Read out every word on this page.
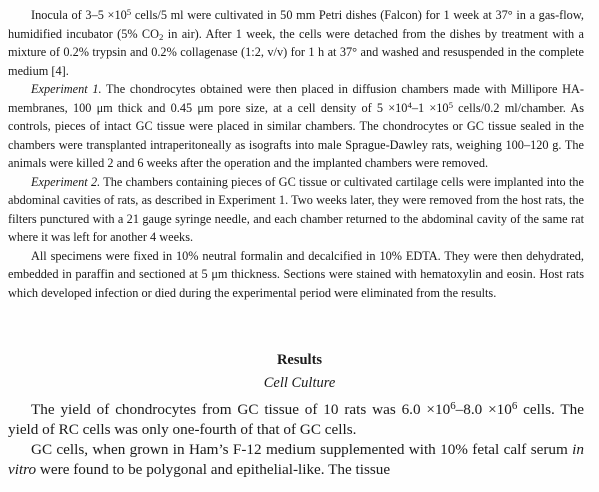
Inocula of $3-5 \times 10^5$ cells/5 ml were cultivated in 50 mm Petri dishes (Falcon) for 1 week at 37° in a gas-flow, humidified incubator (5% $CO_2$ in air). After 1 week, the cells were detached from the dishes by treatment with a mixture of 0.2% trypsin and 0.2% collagenase (1:2, v/v) for 1 h at 37° and washed and resuspended in the complete medium [4].

Experiment 1. The chondrocytes obtained were then placed in diffusion chambers made with Millipore HA-membranes, 100 μm thick and 0.45 μm pore size, at a cell density of $5 \times 10^4-1 \times 10^5$ cells/0.2 ml/chamber. As controls, pieces of intact GC tissue were placed in similar chambers. The chondrocytes or GC tissue sealed in the chambers were transplanted intraperitoneally as isografts into male Sprague-Dawley rats, weighing 100–120 g. The animals were killed 2 and 6 weeks after the operation and the implanted chambers were removed.

Experiment 2. The chambers containing pieces of GC tissue or cultivated cartilage cells were implanted into the abdominal cavities of rats, as described in Experiment 1. Two weeks later, they were removed from the host rats, the filters punctured with a 21 gauge syringe needle, and each chamber returned to the abdominal cavity of the same rat where it was left for another 4 weeks.

All specimens were fixed in 10% neutral formalin and decalcified in 10% EDTA. They were then dehydrated, embedded in paraffin and sectioned at 5 μm thickness. Sections were stained with hematoxylin and eosin. Host rats which developed infection or died during the experimental period were eliminated from the results.

Results
Cell Culture

The yield of chondrocytes from GC tissue of 10 rats was $6.0 \times 10^6-8.0 \times 10^6$ cells. The yield of RC cells was only one-fourth of that of GC cells.

GC cells, when grown in Ham’s F-12 medium supplemented with 10% fetal calf serum in vitro were found to be polygonal and epithelial-like. The tissue
